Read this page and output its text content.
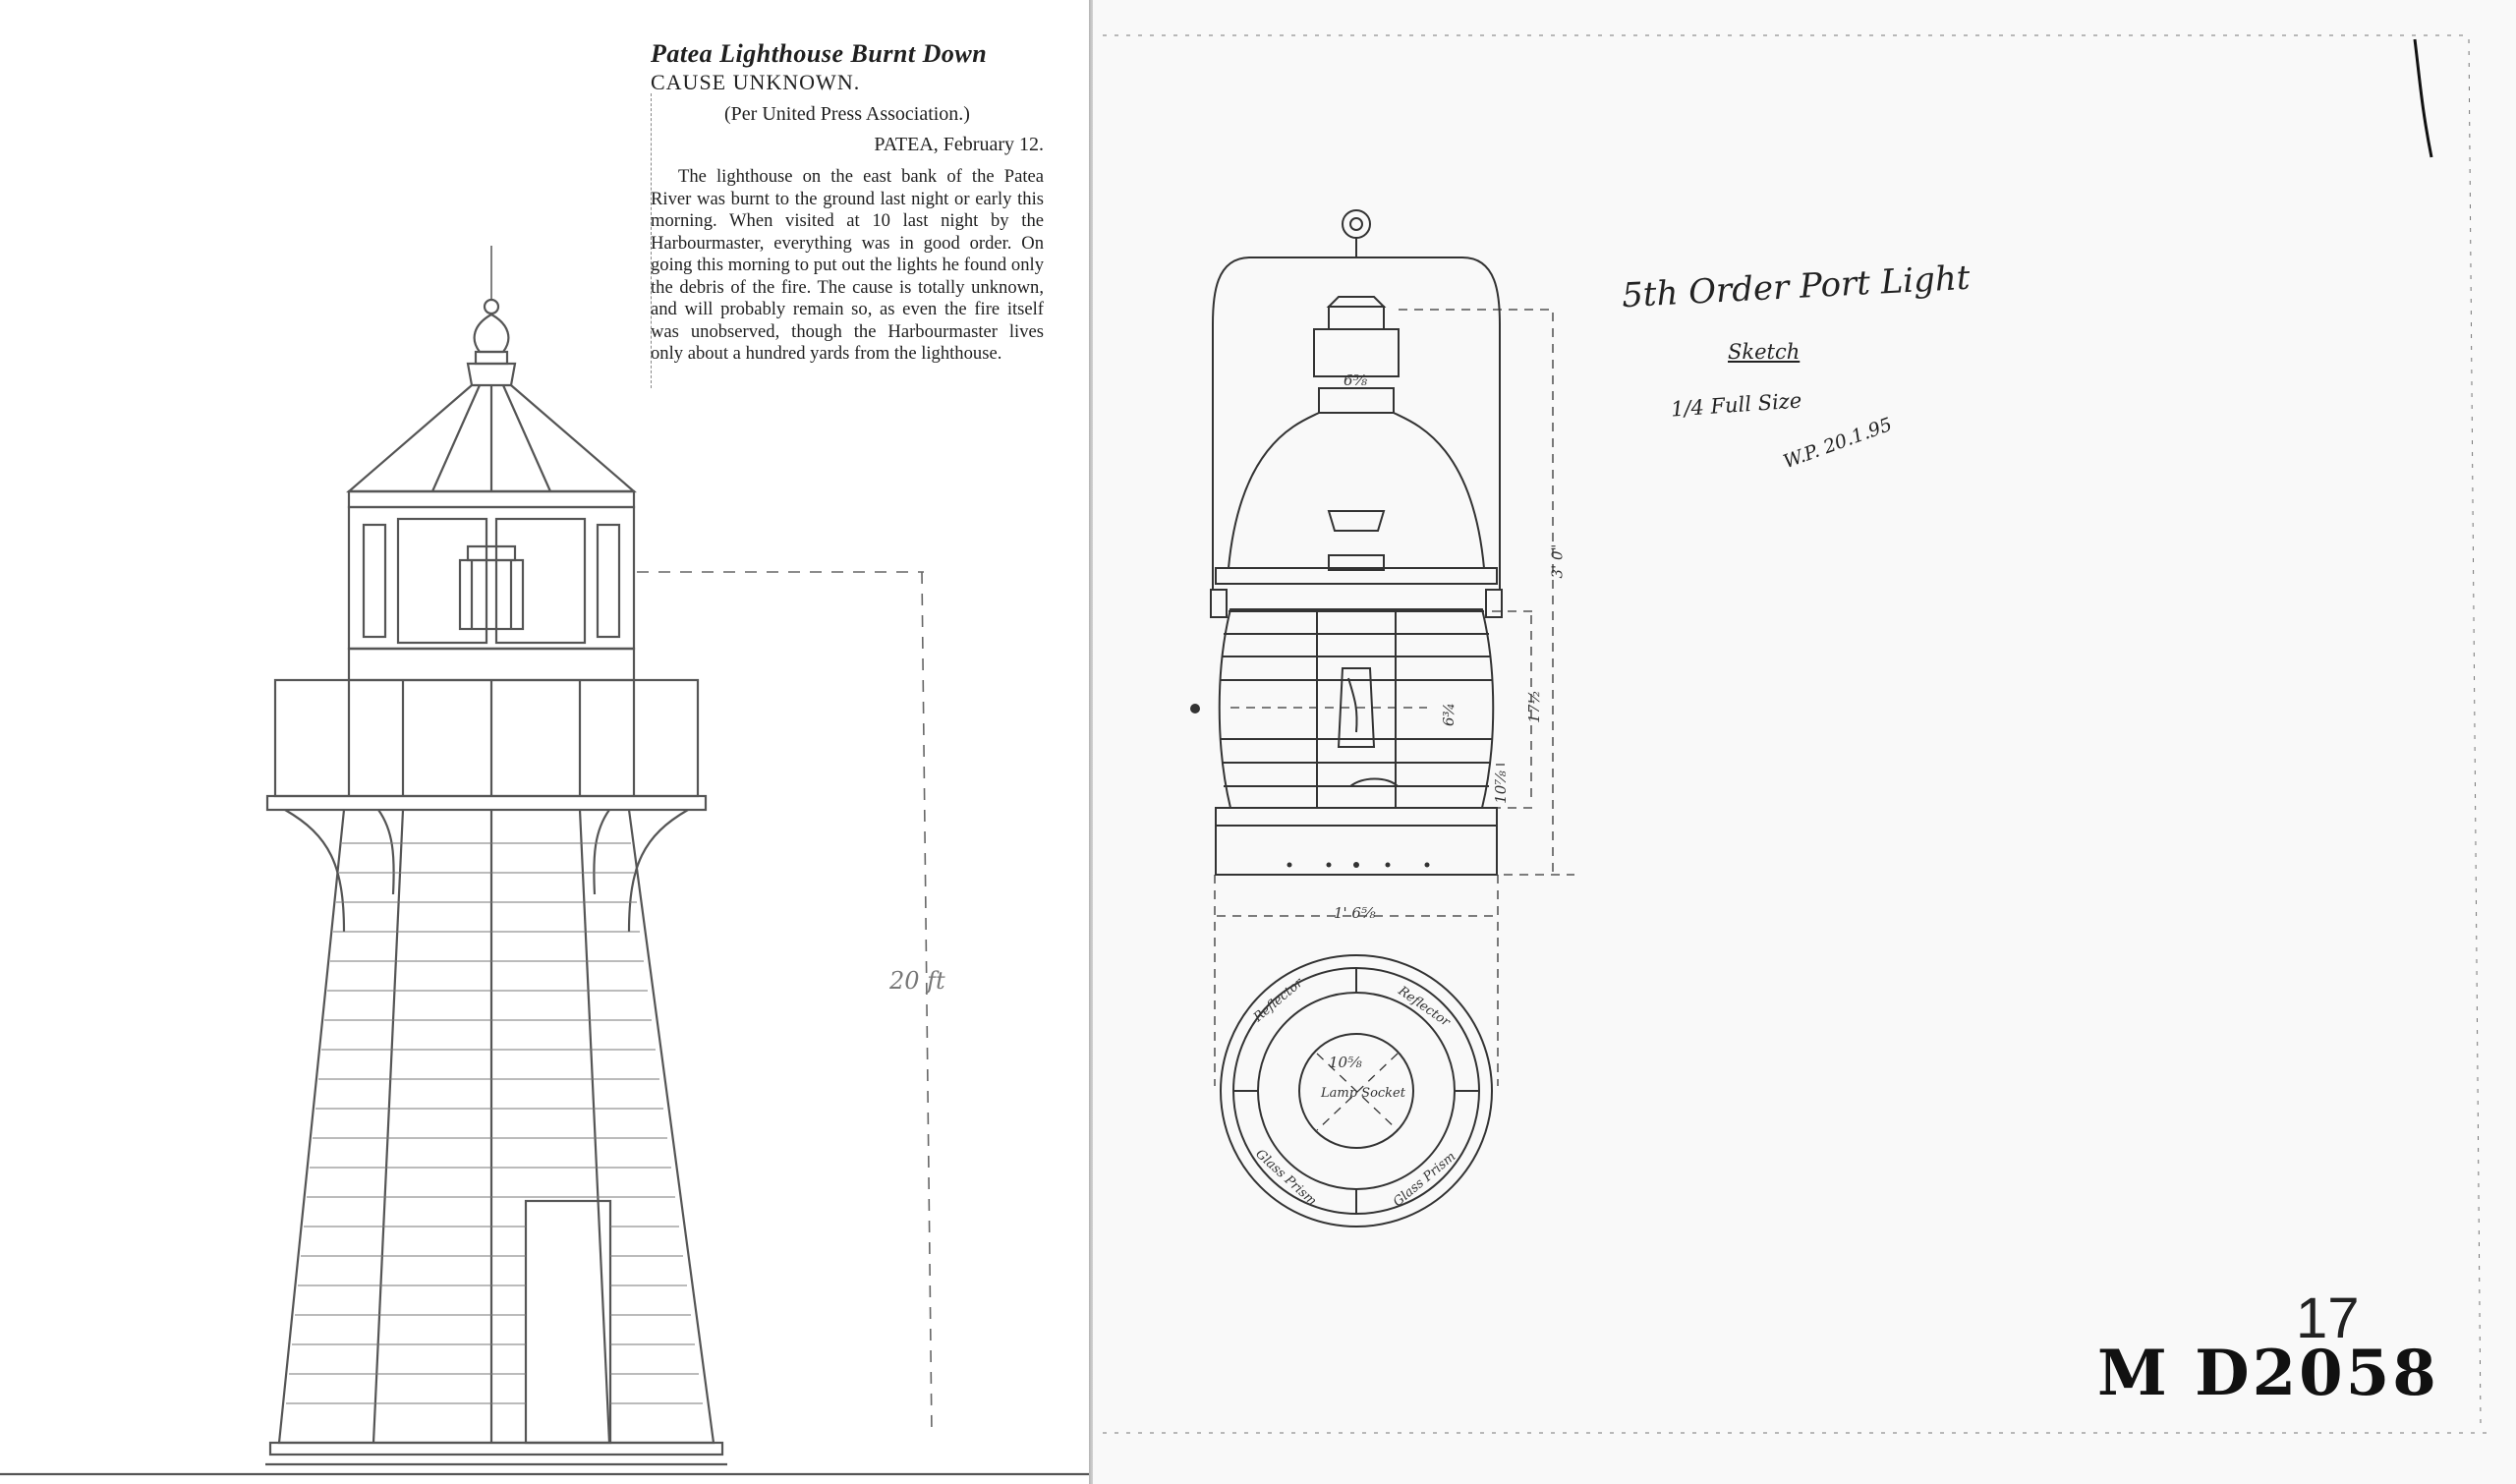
Patea Lighthouse Burnt Down
CAUSE UNKNOWN.
(Per United Press Association.)
PATEA, February 12.
The lighthouse on the east bank of the Patea River was burnt to the ground last night or early this morning. When visited at 10 last night by the Harbourmaster, everything was in good order. On going this morning to put out the lights he found only the debris of the fire. The cause is totally unknown, and will probably remain so, as even the fire itself was unobserved, though the Harbourmaster lives only about a hundred yards from the lighthouse.
20 ft	Reflector	Reflector
Glass Prism	Glass Prism
Lamp Socket
5th Order Port Light
Sketch
1/4 Full Size
W.P. 20.1.95
6⅝
3' 0"
6¾	17½
10⅞
1' 6⅝
10⅝
17
M D2058
